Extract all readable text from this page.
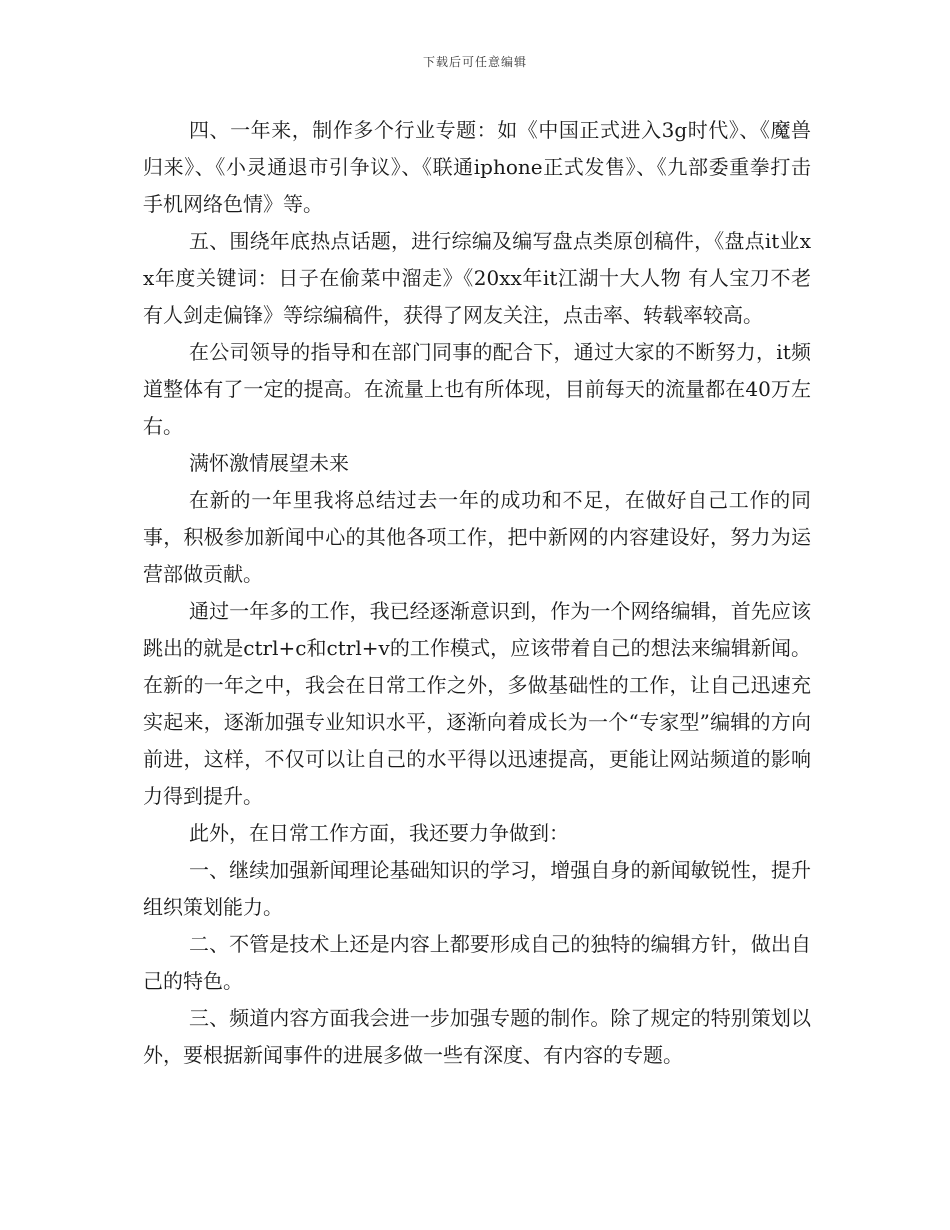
下载后可任意编辑

四、一年来，制作多个行业专题：如《中国正式进入3g时代》、《魔兽归来》、《小灵通退市引争议》、《联通iphone正式发售》、《九部委重拳打击手机网络色情》等。

五、围绕年底热点话题，进行综编及编写盘点类原创稿件，《盘点it业xx年度关键词：日子在偷菜中溜走》《20xx年it江湖十大人物 有人宝刀不老有人剑走偏锋》等综编稿件，获得了网友关注，点击率、转载率较高。

在公司领导的指导和在部门同事的配合下，通过大家的不断努力，it频道整体有了一定的提高。在流量上也有所体现，目前每天的流量都在40万左右。

满怀激情展望未来

在新的一年里我将总结过去一年的成功和不足，在做好自己工作的同事，积极参加新闻中心的其他各项工作，把中新网的内容建设好，努力为运营部做贡献。

通过一年多的工作，我已经逐渐意识到，作为一个网络编辑，首先应该跳出的就是ctrl+c和ctrl+v的工作模式，应该带着自己的想法来编辑新闻。在新的一年之中，我会在日常工作之外，多做基础性的工作，让自己迅速充实起来，逐渐加强专业知识水平，逐渐向着成长为一个“专家型”编辑的方向前进，这样，不仅可以让自己的水平得以迅速提高，更能让网站频道的影响力得到提升。

此外，在日常工作方面，我还要力争做到：

一、继续加强新闻理论基础知识的学习，增强自身的新闻敏锐性，提升组织策划能力。

二、不管是技术上还是内容上都要形成自己的独特的编辑方针，做出自己的特色。

三、频道内容方面我会进一步加强专题的制作。除了规定的特别策划以外，要根据新闻事件的进展多做一些有深度、有内容的专题。
